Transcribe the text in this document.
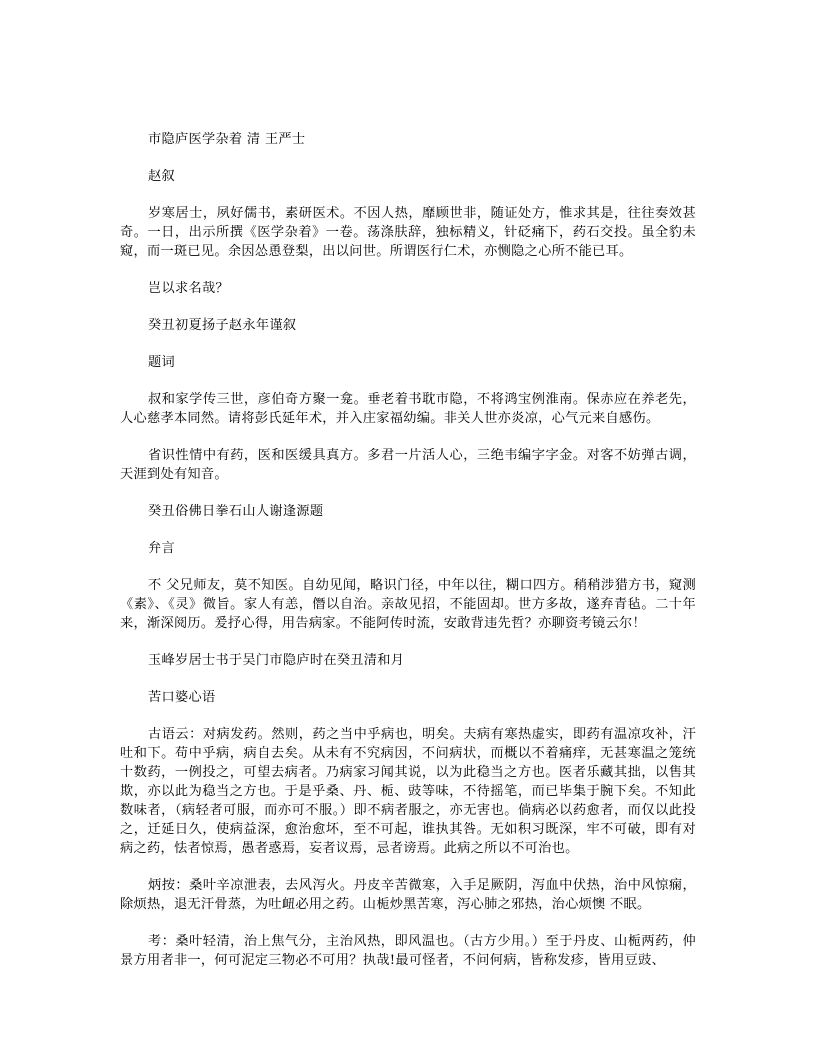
市隐庐医学杂着 清 王严士

赵叙

岁寒居士，夙好儒书，素研医术。不因人热，靡顾世非，随证处方，惟求其是，往往奏效甚奇。一日，出示所撰《医学杂着》一卷。荡涤肤辞，独标精义，针砭痛下，药石交投。虽全豹未窥，而一斑已见。余因怂恿登梨，出以问世。所谓医行仁术，亦恻隐之心所不能已耳。

岂以求名哉？

癸丑初夏扬子赵永年谨叙

题词

叔和家学传三世，彦伯奇方聚一龛。垂老着书耽市隐，不将鸿宝例淮南。保赤应在养老先，人心慈孝本同然。请将彭氏延年术，并入庄家福幼编。非关人世亦炎凉，心气元来自感伤。

省识性情中有药，医和医缓具真方。多君一片活人心，三绝韦编字字金。对客不妨弹古调，天涯到处有知音。

癸丑俗佛日拳石山人谢逢源题

弁言

不 父兄师友，莫不知医。自幼见闻，略识门径，中年以往，糊口四方。稍稍涉猎方书，窥测《素》、《灵》微旨。家人有恙，僭以自治。亲故见招，不能固却。世方多故，遂弃青毡。二十年来，渐深阅历。爰抒心得，用告病家。不能阿传时流，安敢背违先哲？亦聊资考镜云尔！

玉峰岁居士书于吴门市隐庐时在癸丑清和月

苦口婆心语

古语云：对病发药。然则，药之当中乎病也，明矣。夫病有寒热虚实，即药有温凉攻补，汗吐和下。苟中乎病，病自去矣。从未有不究病因，不问病状，而概以不着痛痒，无甚寒温之笼统十数药，一例投之，可望去病者。乃病家习闻其说，以为此稳当之方也。医者乐藏其拙，以售其欺，亦以此为稳当之方也。于是乎桑、丹、栀、豉等味，不待摇笔，而已毕集于腕下矣。不知此数味者，（病轻者可服，而亦可不服。）即不病者服之，亦无害也。倘病必以药愈者，而仅以此投之，迁延日久，使病益深，愈治愈坏，至不可起，谁执其咎。无如积习既深，牢不可破，即有对病之药，怯者惊焉，愚者惑焉，妄者议焉，忌者谤焉。此病之所以不可治也。

炳按：桑叶辛凉泄表，去风泻火。丹皮辛苦微寒，入手足厥阴，泻血中伏热，治中风惊痫，除烦热，退无汗骨蒸，为吐衄必用之药。山栀炒黑苦寒，泻心肺之邪热，治心烦懊 不眠。

考：桑叶轻清，治上焦气分，主治风热，即风温也。（古方少用。）至于丹皮、山栀两药，仲景方用者非一，何可泥定三物必不可用？执哉!最可怪者，不问何病，皆称发疹，皆用豆豉、
